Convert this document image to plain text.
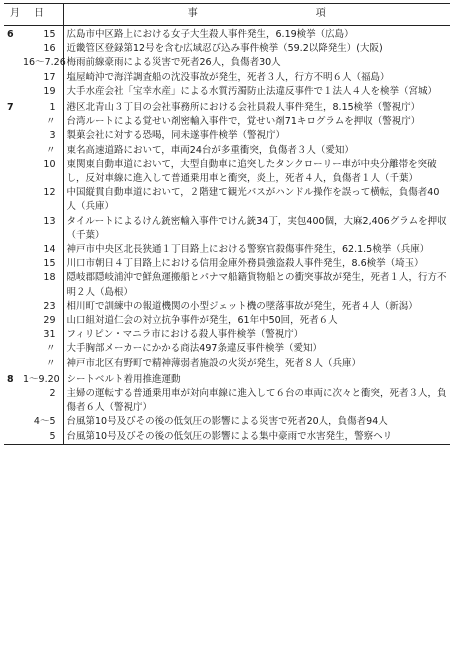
月　日		事 項
6	15	広島市中区路上における女子大生殺人事件発生，6.19検挙（広島）
	16	近畿管区登録第12号を含む広域忍び込み事件検挙（59.2以降発生）(大阪)
	16～7.26	梅雨前線豪雨による災害で死者26人，負傷者30人
	17	塩屋崎沖で海洋調査船の沈没事故が発生，死者３人，行方不明６人（福島）
	19	大手水産会社「宝幸水産」による水質汚濁防止法違反事件で１法人４人を検挙（宮城）
7	1	港区北青山３丁目の会社事務所における会社員殺人事件発生，8.15検挙（警視庁）
	〃	台湾ルートによる覚せい剤密輸入事件で，覚せい剤71キログラムを押収（警視庁）
	3	製菓会社に対する恐喝，同未遂事件検挙（警視庁）
	〃	東名高速道路において，車両24台が多重衝突，負傷者３人（愛知）
	10	東関東自動車道において，大型自動車に追突したタンクローリー車が中央分離帯を突破し，反対車線に進入して普通乗用車と衝突，炎上，死者４人，負傷者１人（千葉）
	12	中国縦貫自動車道において，２階建て観光バスがハンドル操作を誤って横転，負傷者40人（兵庫）
	13	タイルートによるけん銃密輸入事件でけん銃34丁，実包400個，大麻2,406グラムを押収（千葉）
	14	神戸市中央区北長狭通１丁目路上における警察官殺傷事件発生，62.1.5検挙（兵庫）
	15	川口市朝日４丁目路上における信用金庫外務員強盗殺人事件発生，8.6検挙（埼玉）
	18	隠岐郡隠岐浦沖で鮮魚運搬船とパナマ船籍貨物船との衝突事故が発生，死者１人，行方不明２人（島根）
	23	相川町で訓練中の報道機関の小型ジェット機の墜落事故が発生，死者４人（新潟）
	29	山口組対道仁会の対立抗争事件が発生，61年中50回，死者６人
	31	フィリピン・マニラ市における殺人事件検挙（警視庁）
	〃	大手胸部メーカーにかかる商法497条違反事件検挙（愛知）
	〃	神戸市北区有野町で精神薄弱者施設の火災が発生，死者８人（兵庫）
8	1～9.20	シートベルト着用推進運動
	2	主婦の運転する普通乗用車が対向車線に進入して６台の車両に次々と衝突，死者３人，負傷者６人（警視庁）
	4～5	台風第10号及びその後の低気圧の影響による災害で死者20人，負傷者94人
	5	台風第10号及びその後の低気圧の影響による集中豪雨で水害発生，警察ヘリ
